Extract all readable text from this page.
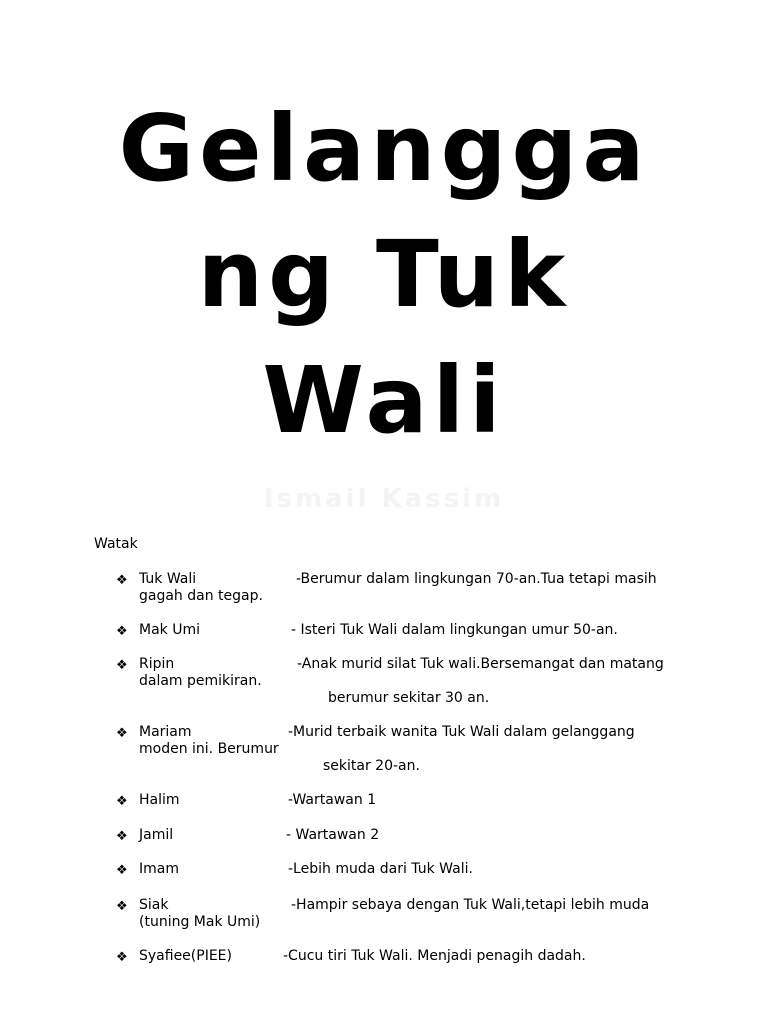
Gelangga
ng Tuk
Wali
Ismail Kassim
Watak
❖ Tuk Wali	-Berumur dalam lingkungan 70-an.Tua tetapi masih
gagah dan tegap.
❖ Mak Umi	- Isteri Tuk Wali dalam lingkungan umur 50-an.
❖ Ripin	-Anak murid silat Tuk wali.Bersemangat dan matang
dalam pemikiran.
berumur sekitar 30 an.
❖ Mariam	-Murid terbaik wanita Tuk Wali dalam gelanggang
moden ini. Berumur
sekitar 20-an.
❖ Halim	-Wartawan 1
❖ Jamil	- Wartawan 2
❖ Imam	-Lebih muda dari Tuk Wali.
❖ Siak	-Hampir sebaya dengan Tuk Wali,tetapi lebih muda
(tuning Mak Umi)
❖ Syafiee(PIEE)	-Cucu tiri Tuk Wali. Menjadi penagih dadah.
